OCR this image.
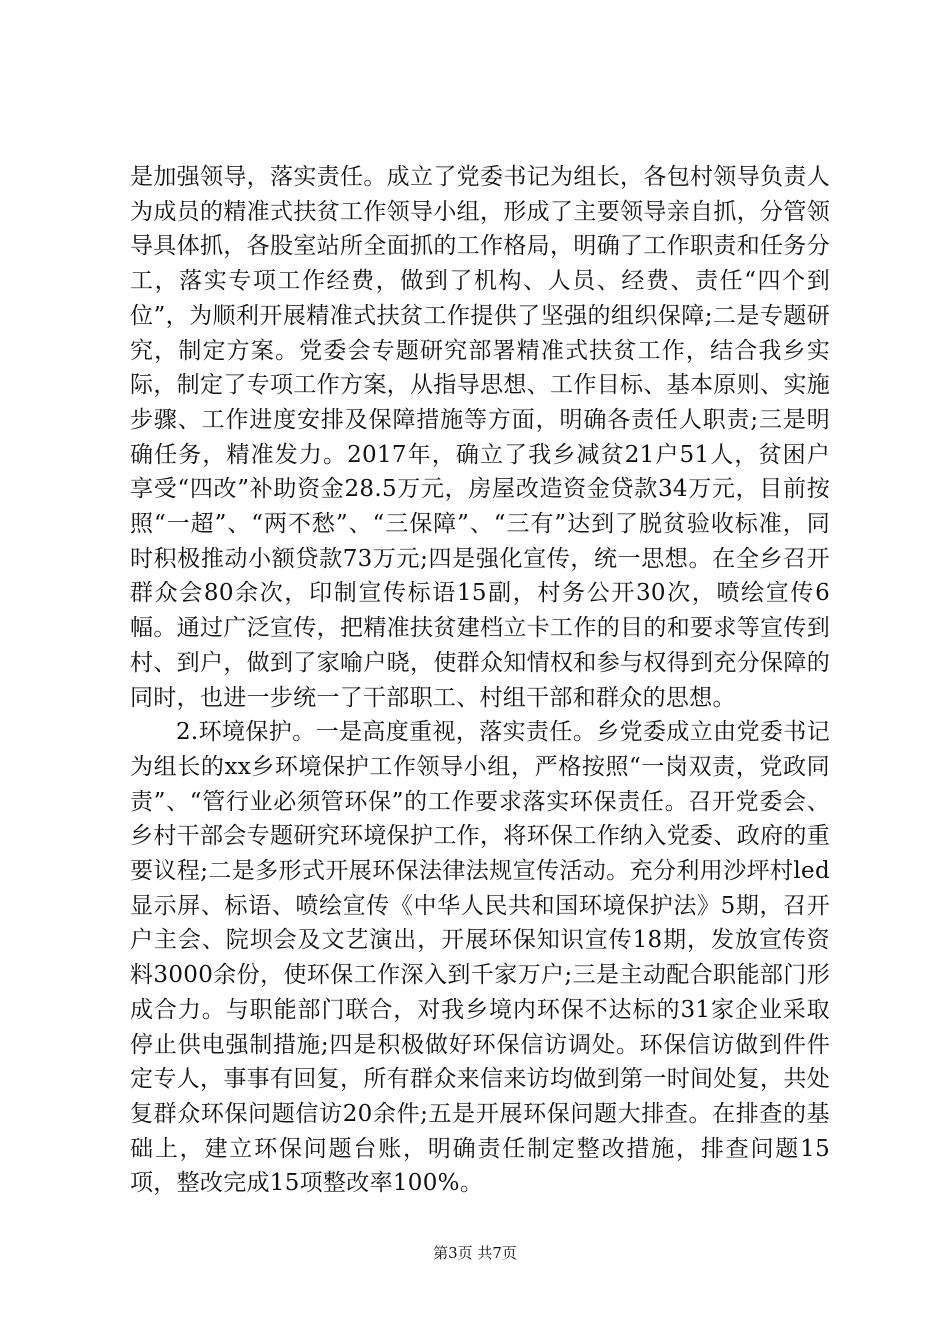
是加强领导，落实责任。成立了党委书记为组长，各包村领导负责人为成员的精准式扶贫工作领导小组，形成了主要领导亲自抓，分管领导具体抓，各股室站所全面抓的工作格局，明确了工作职责和任务分工，落实专项工作经费，做到了机构、人员、经费、责任“四个到位”，为顺利开展精准式扶贫工作提供了坚强的组织保障;二是专题研究，制定方案。党委会专题研究部署精准式扶贫工作，结合我乡实际，制定了专项工作方案，从指导思想、工作目标、基本原则、实施步骤、工作进度安排及保障措施等方面，明确各责任人职责;三是明确任务，精准发力。2017年，确立了我乡减贫21户51人，贫困户享受“四改”补助资金28.5万元，房屋改造资金贷款34万元，目前按照“一超”、“两不愁”、“三保障”、“三有”达到了脱贫验收标准，同时积极推动小额贷款73万元;四是强化宣传，统一思想。在全乡召开群众会80余次，印制宣传标语15副，村务公开30次，喷绘宣传6幅。通过广泛宣传，把精准扶贫建档立卡工作的目的和要求等宣传到村、到户，做到了家喻户晓，使群众知情权和参与权得到充分保障的同时，也进一步统一了干部职工、村组干部和群众的思想。

2.环境保护。一是高度重视，落实责任。乡党委成立由党委书记为组长的xx乡环境保护工作领导小组，严格按照“一岗双责，党政同责”、“管行业必须管环保”的工作要求落实环保责任。召开党委会、乡村干部会专题研究环境保护工作，将环保工作纳入党委、政府的重要议程;二是多形式开展环保法律法规宣传活动。充分利用沙坪村led显示屏、标语、喷绘宣传《中华人民共和国环境保护法》5期，召开户主会、院坝会及文艺演出，开展环保知识宣传18期，发放宣传资料3000余份，使环保工作深入到千家万户;三是主动配合职能部门形成合力。与职能部门联合，对我乡境内环保不达标的31家企业采取停止供电强制措施;四是积极做好环保信访调处。环保信访做到件件定专人，事事有回复，所有群众来信来访均做到第一时间处复，共处复群众环保问题信访20余件;五是开展环保问题大排查。在排查的基础上，建立环保问题台账，明确责任制定整改措施，排查问题15项，整改完成15项整改率100%。

第3页 共7页
